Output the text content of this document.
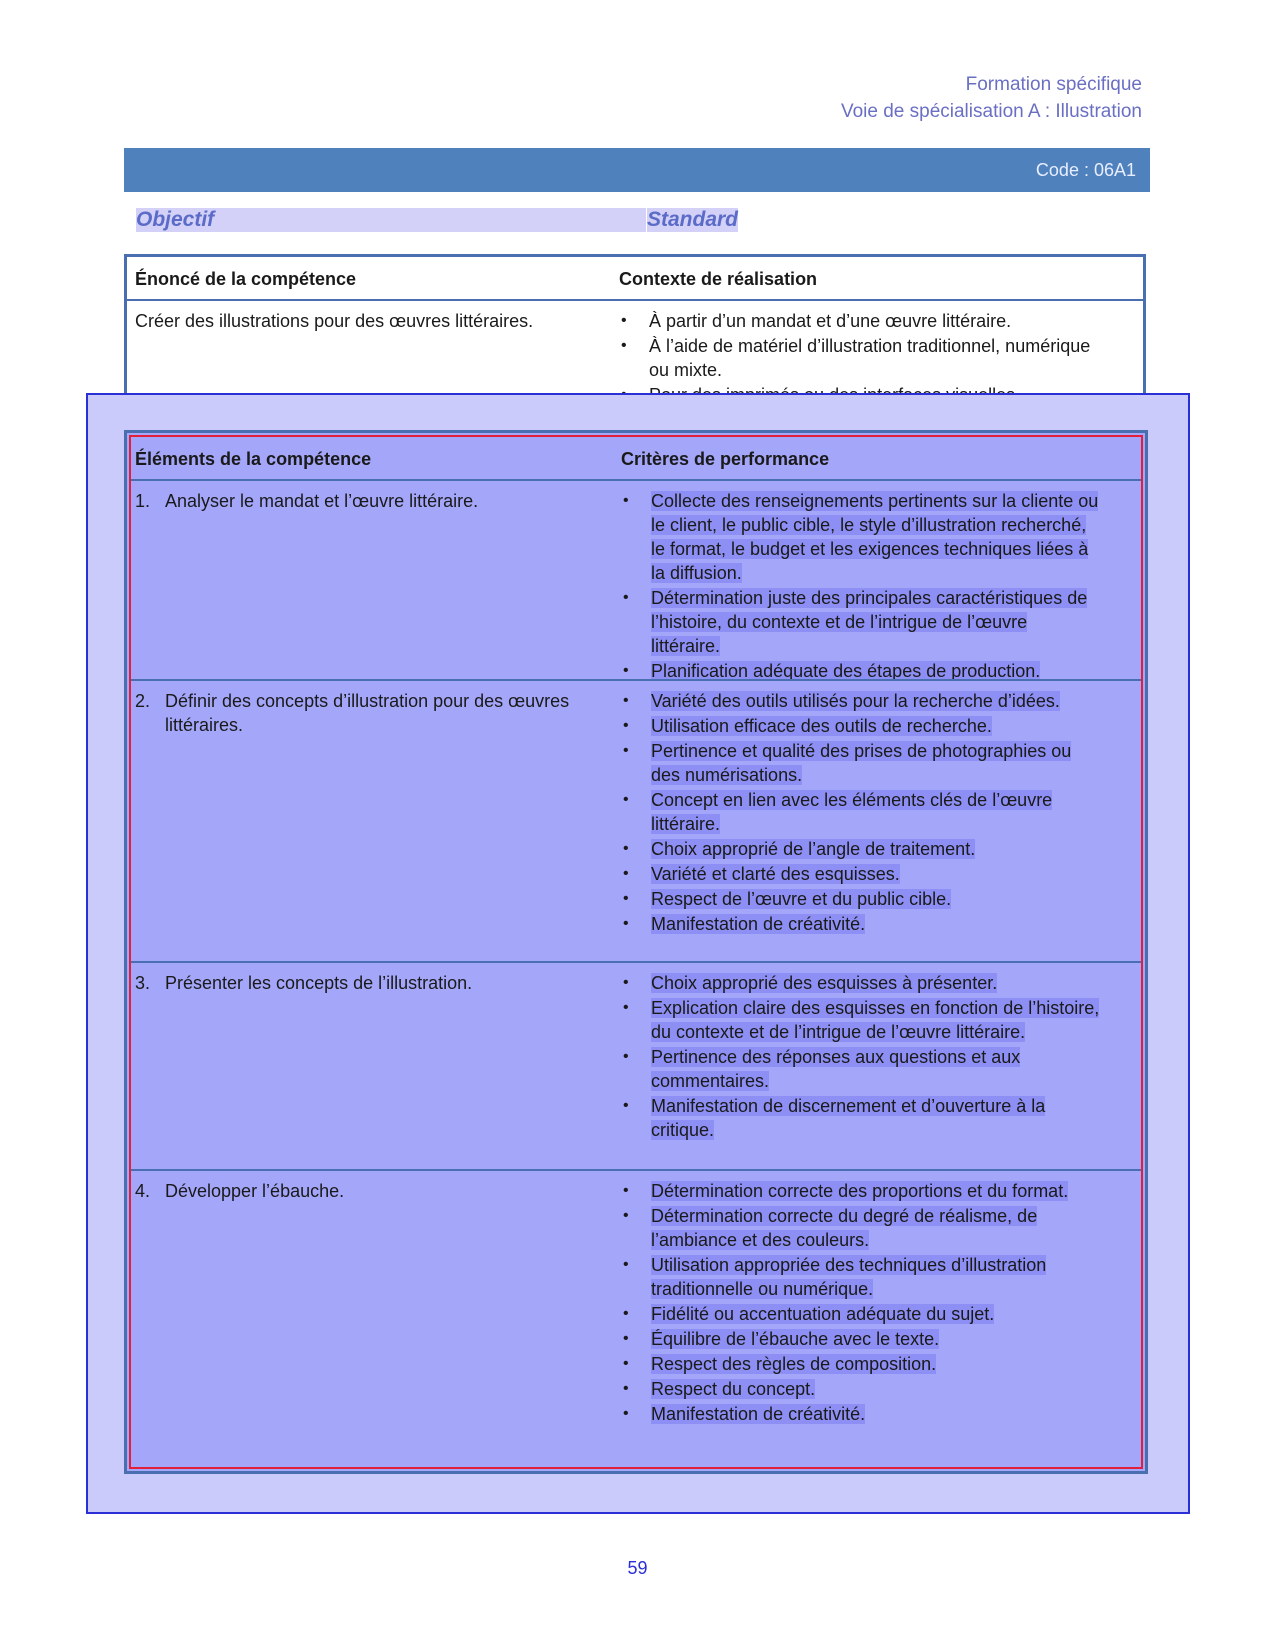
Formation spécifique
Voie de spécialisation A : Illustration
Code : 06A1
Objectif	Standard
Énoncé de la compétence	Contexte de réalisation
Créer des illustrations pour des œuvres littéraires.	• À partir d’un mandat et d’une œuvre littéraire.
• À l’aide de matériel d’illustration traditionnel, numérique ou mixte.
Éléments de la compétence	Critères de performance
1. Analyser le mandat et l’œuvre littéraire.	• Collecte des renseignements pertinents sur la cliente ou le client, le public cible, le style d’illustration recherché, le format, le budget et les exigences techniques liées à la diffusion.
• Détermination juste des principales caractéristiques de l’histoire, du contexte et de l’intrigue de l’œuvre littéraire.
• Planification adéquate des étapes de production.
2. Définir des concepts d’illustration pour des œuvres littéraires.
• Variété des outils utilisés pour la recherche d’idées.
• Utilisation efficace des outils de recherche.
• Pertinence et qualité des prises de photographies ou des numérisations.
• Concept en lien avec les éléments clés de l’œuvre littéraire.
• Choix approprié de l’angle de traitement.
• Variété et clarté des esquisses.
• Respect de l’œuvre et du public cible.
• Manifestation de créativité.
3. Présenter les concepts de l’illustration.	• Choix approprié des esquisses à présenter.
• Explication claire des esquisses en fonction de l’histoire, du contexte et de l’intrigue de l’œuvre littéraire.
• Pertinence des réponses aux questions et aux commentaires.
• Manifestation de discernement et d’ouverture à la critique.
4. Développer l’ébauche.	• Détermination correcte des proportions et du format.
• Détermination correcte du degré de réalisme, de l’ambiance et des couleurs.
• Utilisation appropriée des techniques d’illustration traditionnelle ou numérique.
• Fidélité ou accentuation adéquate du sujet.
• Équilibre de l’ébauche avec le texte.
• Respect des règles de composition.
• Respect du concept.
• Manifestation de créativité.
59
